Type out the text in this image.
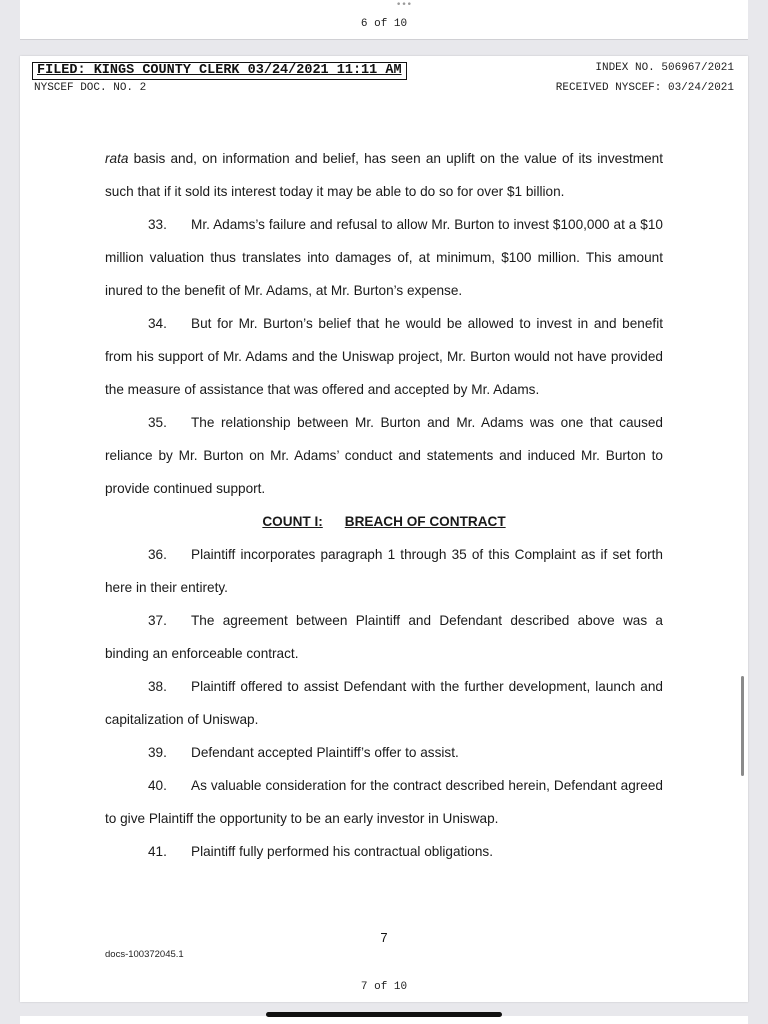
•••
6 of 10
FILED: KINGS COUNTY CLERK 03/24/2021 11:11 AM	INDEX NO. 506967/2021
NYSCEF DOC. NO. 2	RECEIVED NYSCEF: 03/24/2021

rata basis and, on information and belief, has seen an uplift on the value of its investment such that if it sold its interest today it may be able to do so for over $1 billion.

33. Mr. Adams’s failure and refusal to allow Mr. Burton to invest $100,000 at a $10 million valuation thus translates into damages of, at minimum, $100 million. This amount inured to the benefit of Mr. Adams, at Mr. Burton’s expense.

34. But for Mr. Burton’s belief that he would be allowed to invest in and benefit from his support of Mr. Adams and the Uniswap project, Mr. Burton would not have provided the measure of assistance that was offered and accepted by Mr. Adams.

35. The relationship between Mr. Burton and Mr. Adams was one that caused reliance by Mr. Burton on Mr. Adams’ conduct and statements and induced Mr. Burton to provide continued support.

COUNT I: BREACH OF CONTRACT

36. Plaintiff incorporates paragraph 1 through 35 of this Complaint as if set forth here in their entirety.

37. The agreement between Plaintiff and Defendant described above was a binding an enforceable contract.

38. Plaintiff offered to assist Defendant with the further development, launch and capitalization of Uniswap.

39. Defendant accepted Plaintiff’s offer to assist.

40. As valuable consideration for the contract described herein, Defendant agreed to give Plaintiff the opportunity to be an early investor in Uniswap.

41. Plaintiff fully performed his contractual obligations.

7
docs-100372045.1
7 of 10
